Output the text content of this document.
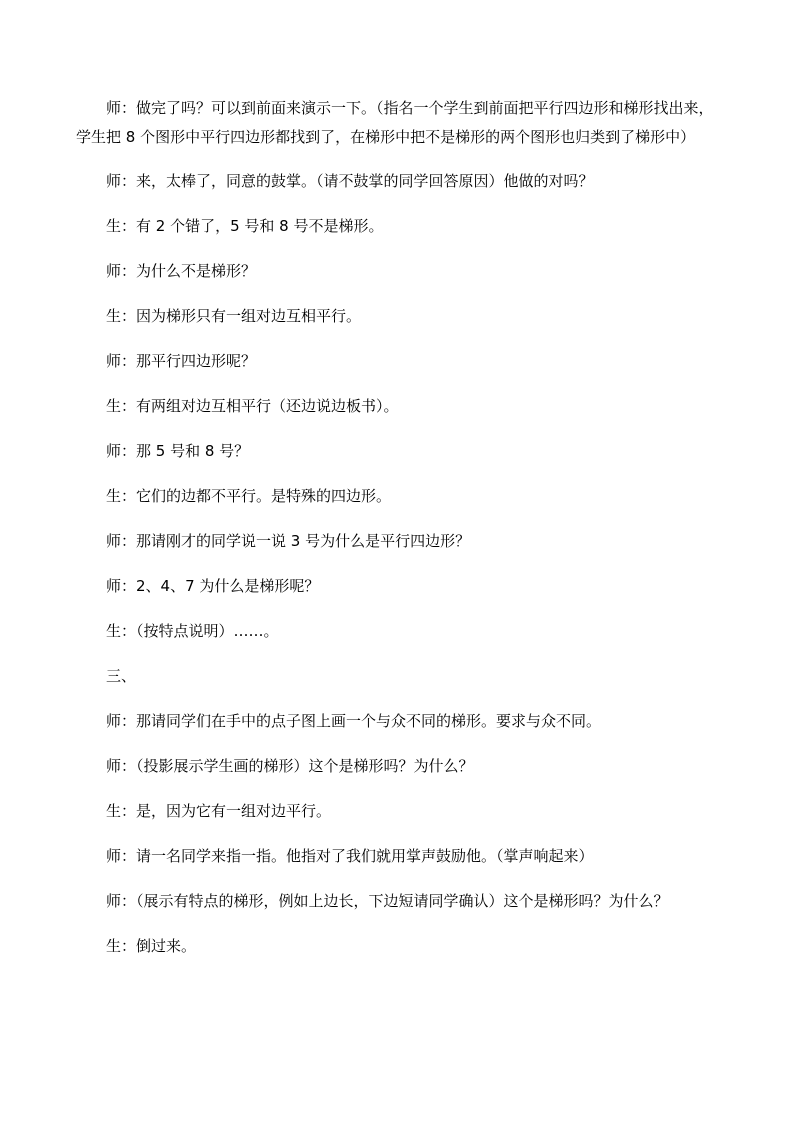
师：做完了吗？可以到前面来演示一下。（指名一个学生到前面把平行四边形和梯形找出来，学生把 8 个图形中平行四边形都找到了，在梯形中把不是梯形的两个图形也归类到了梯形中）

师：来，太棒了，同意的鼓掌。（请不鼓掌的同学回答原因）他做的对吗？

生：有 2 个错了，5 号和 8 号不是梯形。

师：为什么不是梯形？

生：因为梯形只有一组对边互相平行。

师：那平行四边形呢？

生：有两组对边互相平行（还边说边板书）。

师：那 5 号和 8 号？

生：它们的边都不平行。是特殊的四边形。

师：那请刚才的同学说一说 3 号为什么是平行四边形？

师：2、4、7 为什么是梯形呢？

生：（按特点说明）……。

三、

师：那请同学们在手中的点子图上画一个与众不同的梯形。要求与众不同。

师：（投影展示学生画的梯形）这个是梯形吗？为什么？

生：是，因为它有一组对边平行。

师：请一名同学来指一指。他指对了我们就用掌声鼓励他。（掌声响起来）

师：（展示有特点的梯形，例如上边长，下边短请同学确认）这个是梯形吗？为什么？

生：倒过来。
